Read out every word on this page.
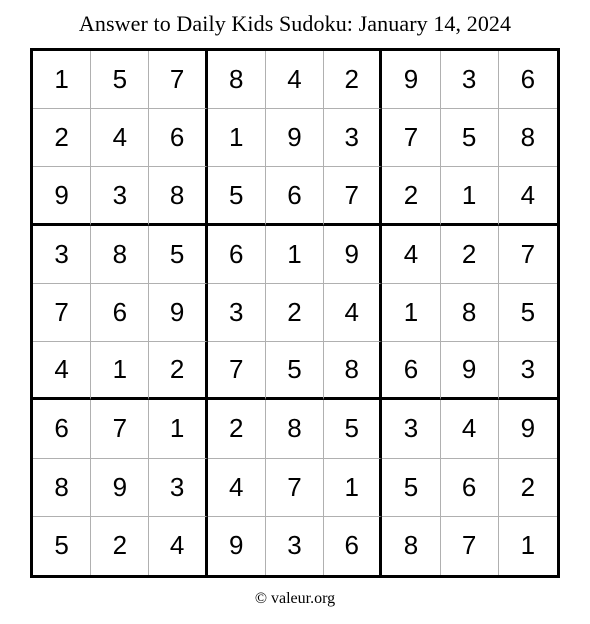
Answer to Daily Kids Sudoku: January 14, 2024
1	5	7	8	4	2	9	3	6
2	4	6	1	9	3	7	5	8
9	3	8	5	6	7	2	1	4
3	8	5	6	1	9	4	2	7
7	6	9	3	2	4	1	8	5
4	1	2	7	5	8	6	9	3
6	7	1	2	8	5	3	4	9
8	9	3	4	7	1	5	6	2
5	2	4	9	3	6	8	7	1
© valeur.org
